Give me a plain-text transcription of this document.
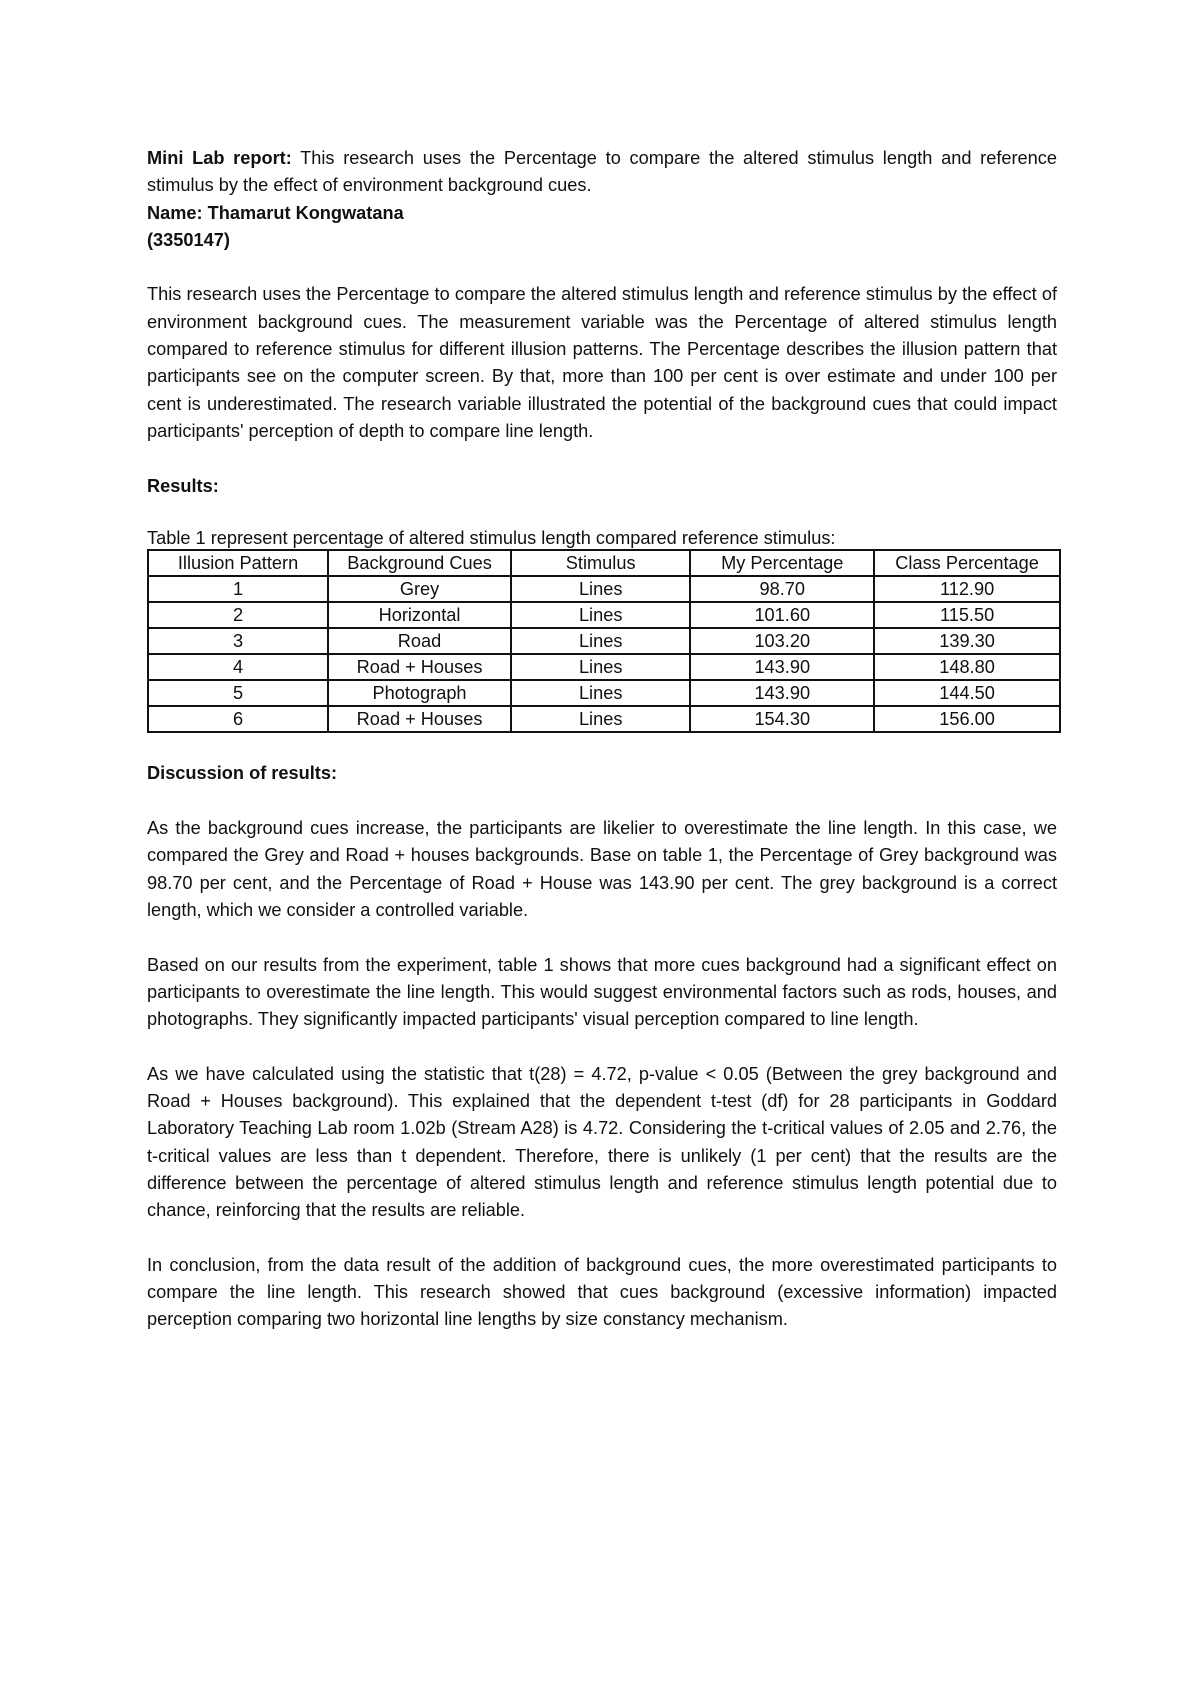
Mini Lab report: This research uses the Percentage to compare the altered stimulus length and reference stimulus by the effect of environment background cues.

Name: Thamarut Kongwatana

(3350147)

This research uses the Percentage to compare the altered stimulus length and reference stimulus by the effect of environment background cues. The measurement variable was the Percentage of altered stimulus length compared to reference stimulus for different illusion patterns. The Percentage describes the illusion pattern that participants see on the computer screen. By that, more than 100 per cent is over estimate and under 100 per cent is underestimated. The research variable illustrated the potential of the background cues that could impact participants' perception of depth to compare line length.

Results:

Table 1 represent percentage of altered stimulus length compared reference stimulus:

Illusion Pattern	Background Cues	Stimulus	My Percentage	Class Percentage
1	Grey	Lines	98.70	112.90
2	Horizontal	Lines	101.60	115.50
3	Road	Lines	103.20	139.30
4	Road + Houses	Lines	143.90	148.80
5	Photograph	Lines	143.90	144.50
6	Road + Houses	Lines	154.30	156.00

Discussion of results:

As the background cues increase, the participants are likelier to overestimate the line length. In this case, we compared the Grey and Road + houses backgrounds. Base on table 1, the Percentage of Grey background was 98.70 per cent, and the Percentage of Road + House was 143.90 per cent. The grey background is a correct length, which we consider a controlled variable.

Based on our results from the experiment, table 1 shows that more cues background had a significant effect on participants to overestimate the line length. This would suggest environmental factors such as rods, houses, and photographs. They significantly impacted participants' visual perception compared to line length.

As we have calculated using the statistic that t(28) = 4.72, p-value < 0.05 (Between the grey background and Road + Houses background). This explained that the dependent t-test (df) for 28 participants in Goddard Laboratory Teaching Lab room 1.02b (Stream A28) is 4.72. Considering the t-critical values of 2.05 and 2.76, the t-critical values are less than t dependent. Therefore, there is unlikely (1 per cent) that the results are the difference between the percentage of altered stimulus length and reference stimulus length potential due to chance, reinforcing that the results are reliable.

In conclusion, from the data result of the addition of background cues, the more overestimated participants to compare the line length. This research showed that cues background (excessive information) impacted perception comparing two horizontal line lengths by size constancy mechanism.
